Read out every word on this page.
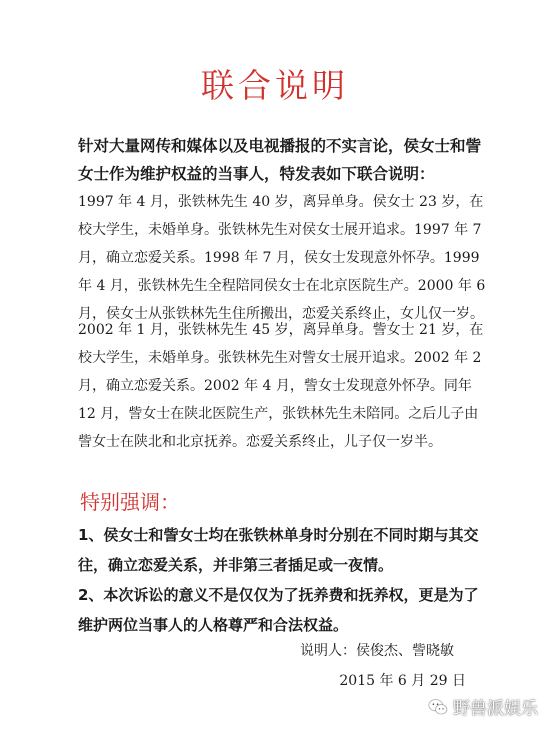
联合说明

针对大量网传和媒体以及电视播报的不实言论，侯女士和訾女士作为维护权益的当事人，特发表如下联合说明：

1997 年 4 月，张铁林先生 40 岁，离异单身。侯女士 23 岁，在校大学生，未婚单身。张铁林先生对侯女士展开追求。1997 年 7 月，确立恋爱关系。1998 年 7 月，侯女士发现意外怀孕。1999 年 4 月，张铁林先生全程陪同侯女士在北京医院生产。2000 年 6 月，侯女士从张铁林先生住所搬出，恋爱关系终止，女儿仅一岁。

2002 年 1 月，张铁林先生 45 岁，离异单身。訾女士 21 岁，在校大学生，未婚单身。张铁林先生对訾女士展开追求。2002 年 2 月，确立恋爱关系。2002 年 4 月，訾女士发现意外怀孕。同年 12 月，訾女士在陕北医院生产，张铁林先生未陪同。之后儿子由訾女士在陕北和北京抚养。恋爱关系终止，儿子仅一岁半。

特别强调：

1、侯女士和訾女士均在张铁林单身时分别在不同时期与其交往，确立恋爱关系，并非第三者插足或一夜情。

2、本次诉讼的意义不是仅仅为了抚养费和抚养权，更是为了维护两位当事人的人格尊严和合法权益。

说明人：侯俊杰、訾晓敏
2015 年 6 月 29 日
野兽派娱乐
